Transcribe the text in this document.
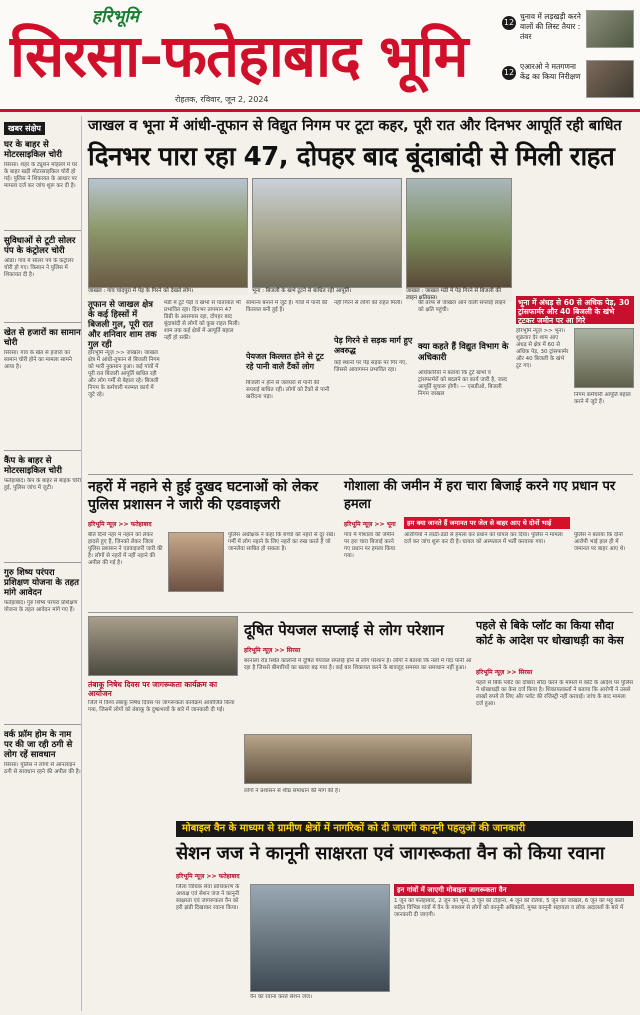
हरिभूमि
सिरसा-फतेहाबाद भूमि
रोहतक, रविवार, जून 2, 2024
12
चुनाव में लड़खड़ी करने वालों की लिस्ट तैयार : तंवर
12
एआरओ ने मतगणना केंद्र का किया निरीक्षण
खबर संक्षेप
घर के बाहर से मोटरसाइकिल चोरी
सिरसा। शहर के ट्यूशन मोहल्ले में घर के बाहर खड़ी मोटरसाइकिल चोरी हो गई। पुलिस ने शिकायत के आधार पर मामला दर्ज कर जांच शुरू कर दी है।
सुविधाओं से टूटी सोलर पंप के कंट्रोलर चोरी
ओढां। गांव में सोलर पंप के कंट्रोलर चोरी हो गए। किसान ने पुलिस में शिकायत दी है।
खेत से हजारों का सामान चोरी
सिरसा। गांव के खेत से हजारों का सामान चोरी होने का मामला सामने आया है।
कैंप के बाहर से मोटरसाइकिल चोरी
फतेहाबाद। कैंप के बाहर से बाइक चोरी हुई, पुलिस जांच में जुटी।
गुरु शिष्य परंपरा प्रशिक्षण योजना के तहत मांगे आवेदन
फतेहाबाद। गुरु शिष्य परंपरा प्रशिक्षण योजना के तहत आवेदन मांगे गए हैं।
वर्क फ्रॉम होम के नाम पर की जा रही ठगी से लोग रहें सावधान
सिरसा। पुलिस ने लोगों से ऑनलाइन ठगी से सावधान रहने की अपील की है।
जाखल व भूना में आंधी-तूफान से विद्युत निगम पर टूटा कहर, पूरी रात और दिनभर आपूर्ति रही बाधित
दिनभर पारा रहा 47, दोपहर बाद बूंदाबांदी से मिली राहत
जाखल : गांव चांदपुरा में पेड़ के गिरने को देखते लोग।	भूना : बिजली के खंभे टूटने से बाधित रही आपूर्ति।	जाखल : जाखल मंडी में पेड़ गिरने से बिजली की लाइन क्षतिग्रस्त।
तूफान से जाखल क्षेत्र के कई हिस्सों में बिजली गुल, पूरी रात और शनिवार शाम तक गुल रही
हरिभूमि न्यूज़ >> जाखल। जाखल क्षेत्र में आंधी-तूफान से बिजली निगम को भारी नुकसान हुआ। कई गांवों में पूरी रात बिजली आपूर्ति बाधित रही और लोग गर्मी से बेहाल रहे। बिजली निगम के कर्मचारी मरम्मत कार्य में जुटे रहे।
मंडी में टूटे पेड़ों व खंभों से यातायात भी प्रभावित रहा। दिनभर तापमान 47 डिग्री के आसपास रहा, दोपहर बाद बूंदाबांदी से लोगों को कुछ राहत मिली। शाम तक कई क्षेत्रों में आपूर्ति बहाल नहीं हो सकी।
पेयजल किल्लत होने से टूट रहे पानी वाले टैंकों लोग
सामान्य बनाने में जुटे हैं। गांवों में पानी की किल्लत बनी हुई है।
बिजली न होने से जलघरों से पानी की सप्लाई बाधित रही। लोगों को टैंकों से पानी खरीदना पड़ा।
पेड़ गिरने से सड़क मार्ग हुए अवरुद्ध
नहीं गिरने से लोगों को राहत मिली।
कई स्थानों पर पेड़ सड़क पर गिर गए, जिससे आवागमन प्रभावित रहा।
क्या कहते हैं विद्युत विभाग के अधिकारी
की तरफ से जाखल आने वाली सप्लाई लाइन को क्षति पहुंची।
अधिकारियों ने बताया कि टूटे खंभों व ट्रांसफार्मरों को बदलने का कार्य जारी है, जल्द आपूर्ति सुचारू होगी। — एसडीओ, बिजली निगम जाखल
भूना में अंधड़ से 60 से अधिक पेड़, 30 ट्रांसफार्मर और 40 बिजली के खंभे टूटकर जमीन पर आ गिरे
हरिभूमि न्यूज़ >> भूना। शुक्रवार देर शाम आए अंधड़ से क्षेत्र में 60 से अधिक पेड़, 30 ट्रांसफार्मर और 40 बिजली के खंभे टूट गए।
निगम कर्मचारी आपूर्ति बहाल करने में जुटे हैं।
नहरों में नहाने से हुई दुखद घटनाओं को लेकर पुलिस प्रशासन ने जारी की एडवाइजरी
हरिभूमि न्यूज़ >> फतेहाबाद
बीते दिनों नहर में नहाने को लेकर हादसे हुए हैं, जिनको लेकर जिला पुलिस प्रशासन ने एडवाइजरी जारी की है। लोगों से नहरों में नहीं नहाने की अपील की गई है।
पुलिस अधीक्षक ने कहा कि बच्चों को नहरों से दूर रखें। गर्मी में लोग नहाने के लिए नहरों का रुख करते हैं जो जानलेवा साबित हो सकता है।
गोशाला की जमीन में हरा चारा बिजाई करने गए प्रधान पर हमला
हरिभूमि न्यूज़ >> भूना	हम क्या जानते हैं जमानत पर जेल से बाहर आए थे दोनों भाई
गांव में गोशाला की जमीन पर हरा चारा बिजाई करने गए प्रधान पर हमला किया गया।
आरोपियों ने लाठी-डंडों से हमला कर प्रधान को घायल कर दिया। पुलिस ने मामला दर्ज कर जांच शुरू कर दी है। घायल को अस्पताल में भर्ती करवाया गया।
पुलिस ने बताया कि दोनों आरोपी भाई हाल ही में जमानत पर बाहर आए थे।
तंबाकू निषेध दिवस पर जागरूकता कार्यक्रम का आयोजन
जिले में विश्व तंबाकू निषेध दिवस पर जागरूकता कार्यक्रम आयोजित किया गया, जिसमें लोगों को तंबाकू के दुष्प्रभावों के बारे में जानकारी दी गई।
दूषित पेयजल सप्लाई से लोग परेशान
हरिभूमि न्यूज़ >> सिरसा
बरनाला रोड स्थित कॉलोनी में दूषित पेयजल सप्लाई होने से लोग परेशान हैं। लोगों ने बताया कि नलों में गंदा पानी आ रहा है जिससे बीमारियों का खतरा बढ़ गया है। कई बार शिकायत करने के बावजूद समस्या का समाधान नहीं हुआ।
लोगों ने प्रशासन से शीघ्र समाधान की मांग की है।
पहले से बिके प्लॉट का किया सौदा कोर्ट के आदेश पर धोखाधड़ी का केस
हरिभूमि न्यूज़ >> सिरसा
पहले से बिके प्लॉट का दोबारा सौदा करने के मामले में कोर्ट के आदेश पर पुलिस ने धोखाधड़ी का केस दर्ज किया है। शिकायतकर्ता ने बताया कि आरोपी ने उससे लाखों रुपये ले लिए और प्लॉट की रजिस्ट्री नहीं करवाई। जांच के बाद मामला दर्ज हुआ।
मोबाइल वैन के माध्यम से ग्रामीण क्षेत्रों में नागरिकों को दी जाएगी कानूनी पहलुओं की जानकारी
सेशन जज ने कानूनी साक्षरता एवं जागरूकता वैन को किया रवाना
हरिभूमि न्यूज़ >> फतेहाबाद
जिला विधिक सेवा प्राधिकरण के अध्यक्ष एवं सेशन जज ने कानूनी साक्षरता एवं जागरूकता वैन को हरी झंडी दिखाकर रवाना किया।
वैन को रवाना करते सेशन जज।
इन गांवों में जाएगी मोबाइल जागरूकता वैन
1 जून को फतेहाबाद, 2 जून को भूना, 3 जून को टोहाना, 4 जून को रतिया, 5 जून को जाखल, 6 जून को भट्टू कलां सहित विभिन्न गांवों में वैन के माध्यम से लोगों को कानूनी अधिकारों, मुफ्त कानूनी सहायता व लोक अदालतों के बारे में जानकारी दी जाएगी।
